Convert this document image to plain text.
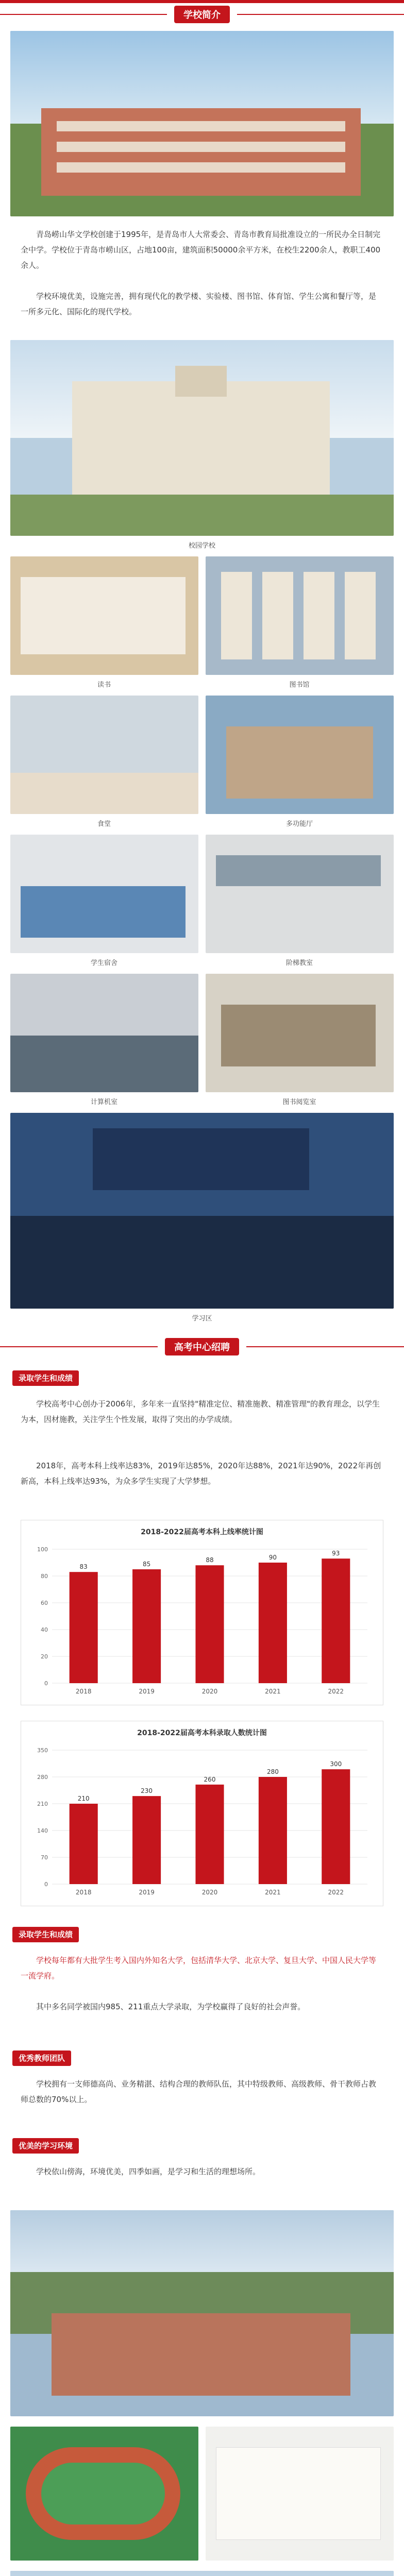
学校简介
青岛崂山华文学校创建于1995年，是青岛市人大常委会、青岛市教育局批准设立的一所民办全日制完全中学。学校位于青岛市崂山区，占地100亩，建筑面积50000余平方米，在校生2200余人，教职工400余人。
学校环境优美，设施完善，拥有现代化的教学楼、实验楼、图书馆、体育馆、学生公寓和餐厅等，是一所多元化、国际化的现代学校。
校园学校
读书	图书馆
食堂	多功能厅
学生宿舍	阶梯教室
计算机室	图书阅览室
学习区
高考中心绍聘
录取学生和成绩
学校高考中心创办于2006年，多年来一直坚持"精准定位、精准施教、精准管理"的教育理念，以学生为本，因材施教，关注学生个性发展，取得了突出的办学成绩。
2018年，高考本科上线率达83%，2019年达85%，2020年达88%，2021年达90%，2022年再创新高，本科上线率达93%，为众多学生实现了大学梦想。
2018-2022届高考本科上线率统计图
0
20
40
60
80
100
83
2018
85
2019
88
2020
90
2021
93
2022
2018-2022届高考本科录取人数统计图
0
70
140
210
280
350
210
2018
230
2019
260
2020
280
2021
300
2022
录取学生和成绩
学校每年都有大批学生考入国内外知名大学，包括清华大学、北京大学、复旦大学、中国人民大学等一流学府。
其中多名同学被国内985、211重点大学录取，为学校赢得了良好的社会声誉。
优秀教师团队
学校拥有一支师德高尚、业务精湛、结构合理的教师队伍，其中特级教师、高级教师、骨干教师占教师总数的70%以上。
优美的学习环境
学校依山傍海，环境优美，四季如画，是学习和生活的理想场所。
